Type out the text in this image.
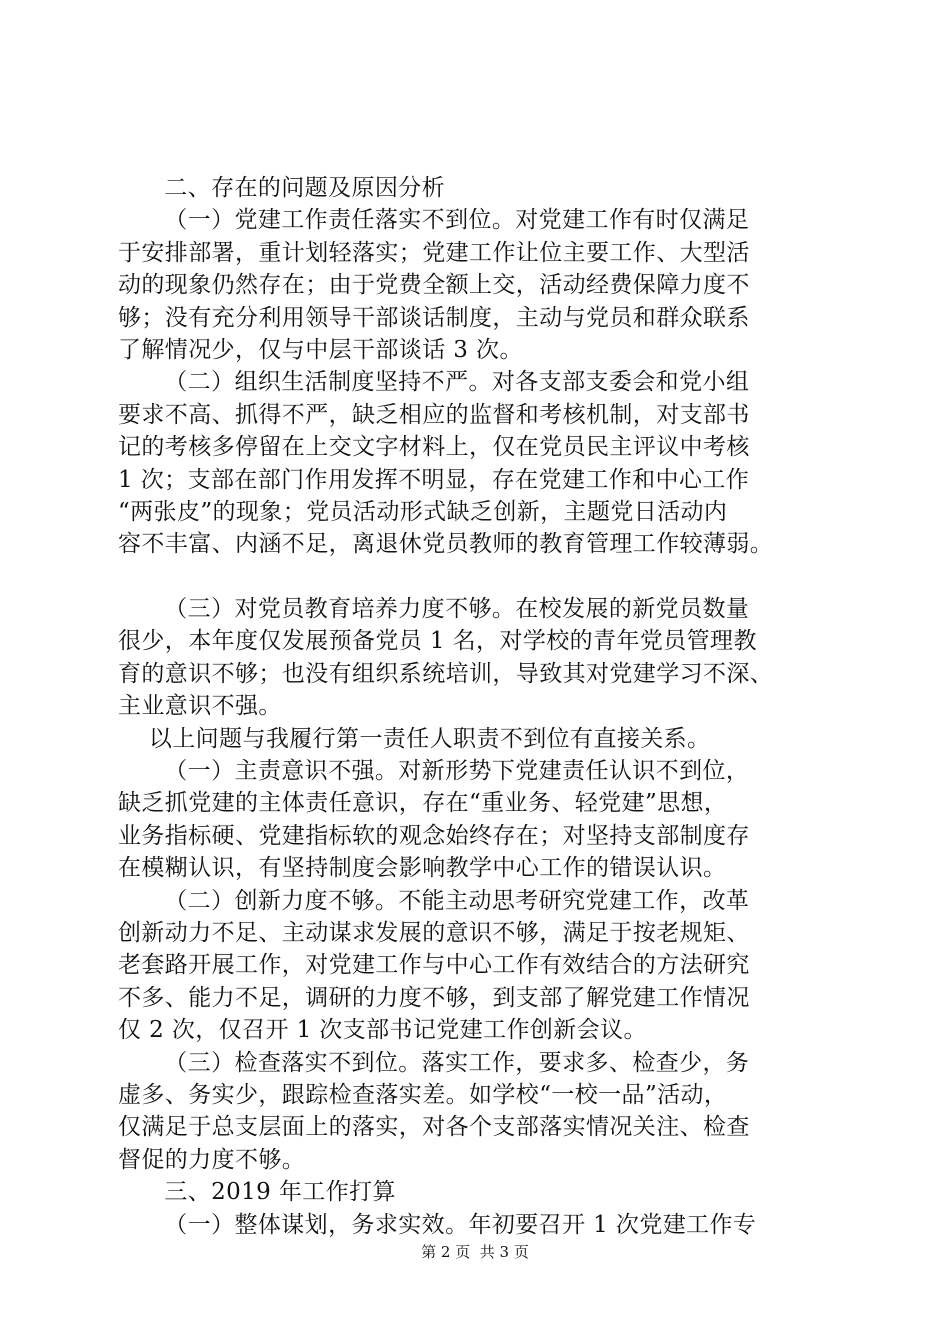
二、存在的问题及原因分析
（一）党建工作责任落实不到位。对党建工作有时仅满足
于安排部署，重计划轻落实；党建工作让位主要工作、大型活
动的现象仍然存在；由于党费全额上交，活动经费保障力度不
够；没有充分利用领导干部谈话制度，主动与党员和群众联系
了解情况少，仅与中层干部谈话 3 次。
（二）组织生活制度坚持不严。对各支部支委会和党小组
要求不高、抓得不严，缺乏相应的监督和考核机制，对支部书
记的考核多停留在上交文字材料上，仅在党员民主评议中考核
1 次；支部在部门作用发挥不明显，存在党建工作和中心工作
“两张皮”的现象；党员活动形式缺乏创新，主题党日活动内
容不丰富、内涵不足，离退休党员教师的教育管理工作较薄弱。
（三）对党员教育培养力度不够。在校发展的新党员数量
很少，本年度仅发展预备党员 1 名，对学校的青年党员管理教
育的意识不够；也没有组织系统培训，导致其对党建学习不深、
主业意识不强。
以上问题与我履行第一责任人职责不到位有直接关系。
（一）主责意识不强。对新形势下党建责任认识不到位，
缺乏抓党建的主体责任意识，存在“重业务、轻党建”思想，
业务指标硬、党建指标软的观念始终存在；对坚持支部制度存
在模糊认识，有坚持制度会影响教学中心工作的错误认识。
（二）创新力度不够。不能主动思考研究党建工作，改革
创新动力不足、主动谋求发展的意识不够，满足于按老规矩、
老套路开展工作，对党建工作与中心工作有效结合的方法研究
不多、能力不足，调研的力度不够，到支部了解党建工作情况
仅 2 次，仅召开 1 次支部书记党建工作创新会议。
（三）检查落实不到位。落实工作，要求多、检查少，务
虚多、务实少，跟踪检查落实差。如学校“一校一品”活动，
仅满足于总支层面上的落实，对各个支部落实情况关注、检查
督促的力度不够。
三、2019 年工作打算
（一）整体谋划，务求实效。年初要召开 1 次党建工作专
第 2 页  共 3 页
